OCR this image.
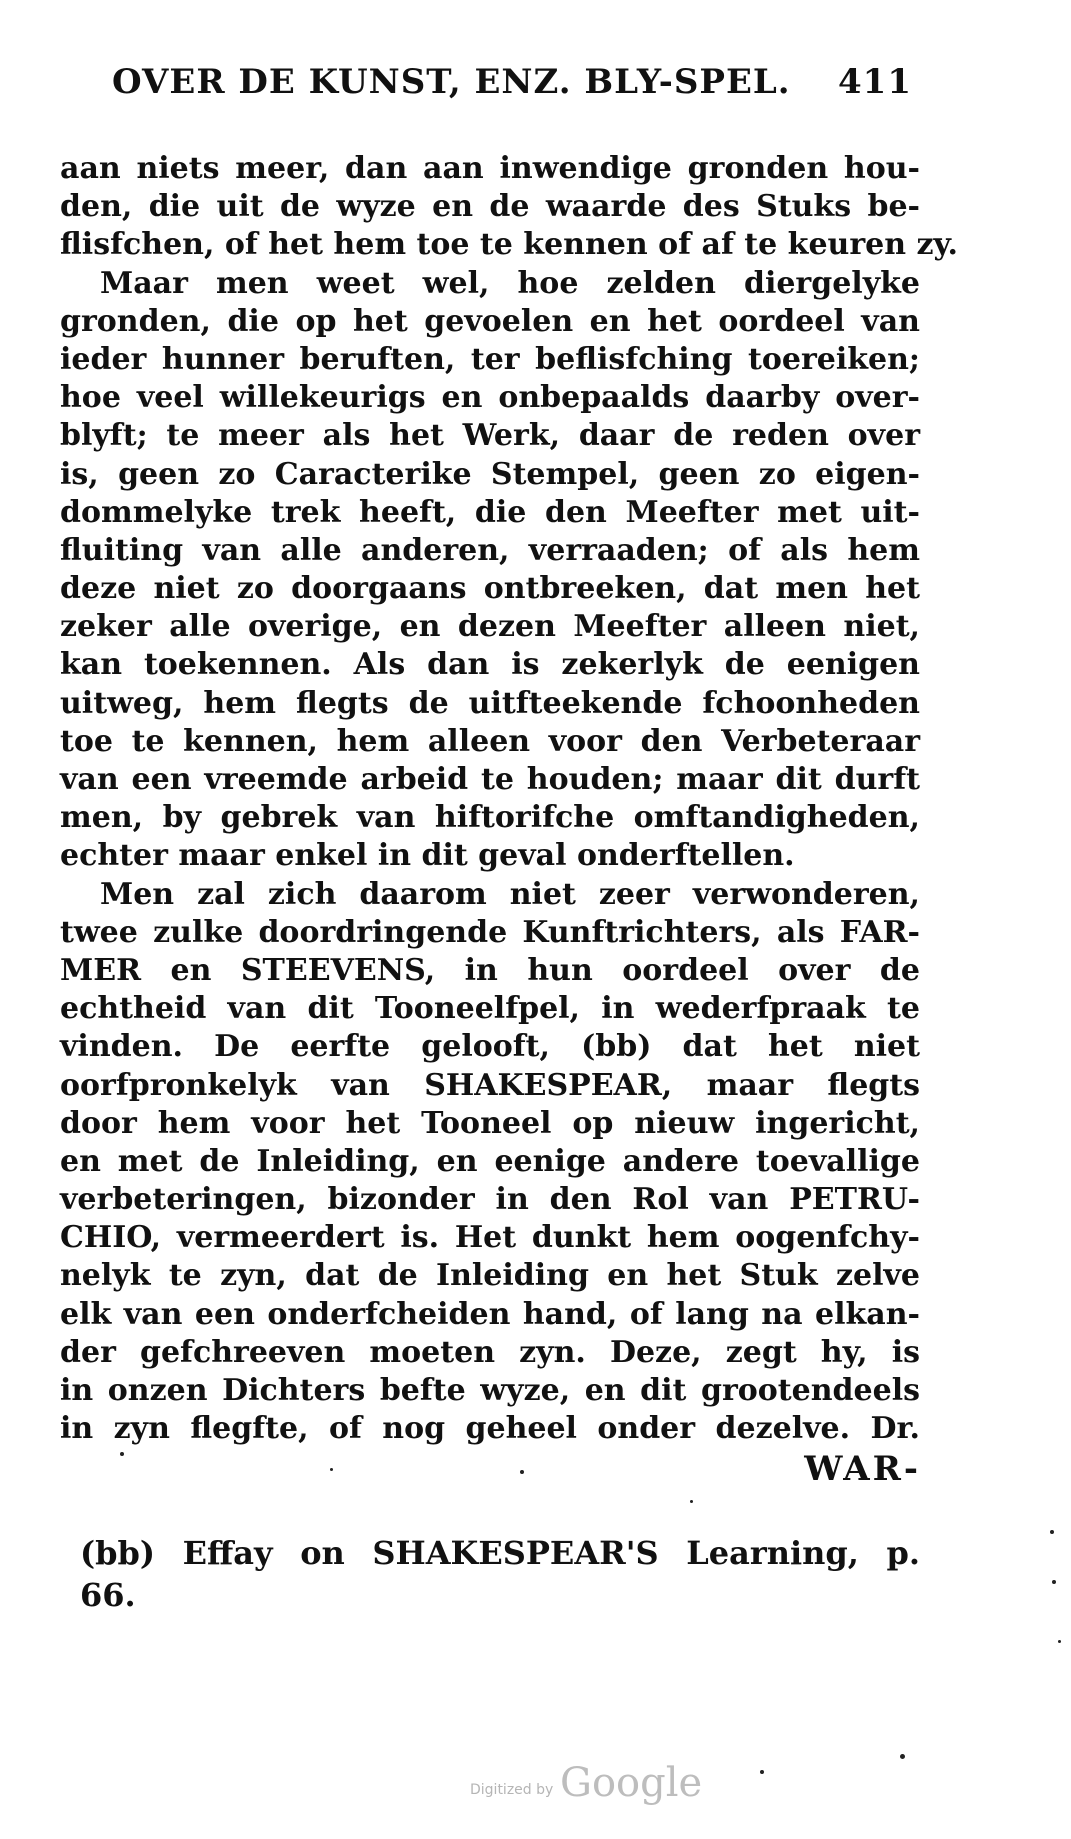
OVER DE KUNST, ENZ. BLY-SPEL. 411
aan niets meer, dan aan inwendige gronden hou-
den, die uit de wyze en de waarde des Stuks be-
flisfchen, of het hem toe te kennen of af te keuren zy.
Maar men weet wel, hoe zelden diergelyke
gronden, die op het gevoelen en het oordeel van
ieder hunner beruften, ter beflisfching toereiken;
hoe veel willekeurigs en onbepaalds daarby over-
blyft; te meer als het Werk, daar de reden over
is, geen zo Caracterike Stempel, geen zo eigen-
dommelyke trek heeft, die den Meefter met uit-
fluiting van alle anderen, verraaden; of als hem
deze niet zo doorgaans ontbreeken, dat men het
zeker alle overige, en dezen Meefter alleen niet,
kan toekennen. Als dan is zekerlyk de eenigen
uitweg, hem flegts de uitfteekende fchoonheden
toe te kennen, hem alleen voor den Verbeteraar
van een vreemde arbeid te houden; maar dit durft
men, by gebrek van hiftorifche omftandigheden,
echter maar enkel in dit geval onderftellen.
Men zal zich daarom niet zeer verwonderen,
twee zulke doordringende Kunftrichters, als FAR-
MER en STEEVENS, in hun oordeel over de
echtheid van dit Tooneelfpel, in wederfpraak te
vinden. De eerfte gelooft, (bb) dat het niet
oorfpronkelyk van SHAKESPEAR, maar flegts
door hem voor het Tooneel op nieuw ingericht,
en met de Inleiding, en eenige andere toevallige
verbeteringen, bizonder in den Rol van PETRU-
CHIO, vermeerdert is. Het dunkt hem oogenfchy-
nelyk te zyn, dat de Inleiding en het Stuk zelve
elk van een onderfcheiden hand, of lang na elkan-
der gefchreeven moeten zyn. Deze, zegt hy, is
in onzen Dichters befte wyze, en dit grootendeels
in zyn flegfte, of nog geheel onder dezelve. Dr.
WAR-
(bb) Effay on SHAKESPEAR'S Learning, p.
66.
Digitized by Google
